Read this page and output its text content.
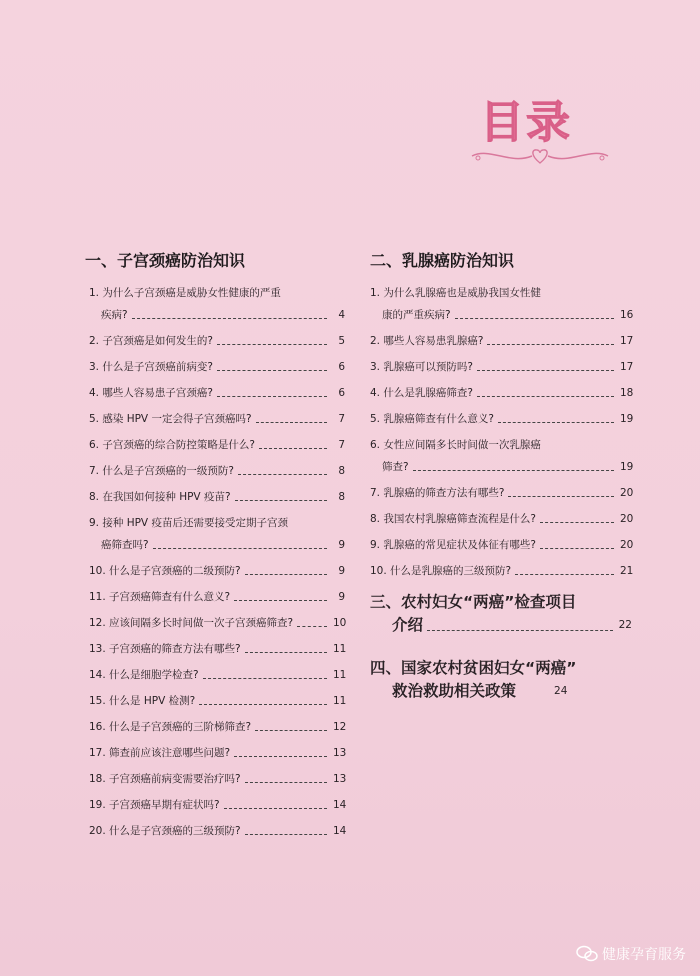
目录
一、子宫颈癌防治知识
1. 为什么子宫颈癌是威胁女性健康的严重
疾病?	4
2. 子宫颈癌是如何发生的?	5
3. 什么是子宫颈癌前病变?	6
4. 哪些人容易患子宫颈癌?	6
5. 感染 HPV 一定会得子宫颈癌吗?	7
6. 子宫颈癌的综合防控策略是什么?	7
7. 什么是子宫颈癌的一级预防?	8
8. 在我国如何接种 HPV 疫苗?	8
9. 接种 HPV 疫苗后还需要接受定期子宫颈
癌筛查吗?	9
10. 什么是子宫颈癌的二级预防?	9
11. 子宫颈癌筛查有什么意义?	9
12. 应该间隔多长时间做一次子宫颈癌筛查?	10
13. 子宫颈癌的筛查方法有哪些?	11
14. 什么是细胞学检查?	11
15. 什么是 HPV 检测?	11
16. 什么是子宫颈癌的三阶梯筛查?	12
17. 筛查前应该注意哪些问题?	13
18. 子宫颈癌前病变需要治疗吗?	13
19. 子宫颈癌早期有症状吗?	14
20. 什么是子宫颈癌的三级预防?	14
二、乳腺癌防治知识
1. 为什么乳腺癌也是威胁我国女性健
康的严重疾病?	16
2. 哪些人容易患乳腺癌?	17
3. 乳腺癌可以预防吗?	17
4. 什么是乳腺癌筛查?	18
5. 乳腺癌筛查有什么意义?	19
6. 女性应间隔多长时间做一次乳腺癌
筛查?	19
7. 乳腺癌的筛查方法有哪些?	20
8. 我国农村乳腺癌筛查流程是什么?	20
9. 乳腺癌的常见症状及体征有哪些?	20
10. 什么是乳腺癌的三级预防?	21
三、农村妇女“两癌”检查项目
介绍	22
四、国家农村贫困妇女“两癌”
救治救助相关政策	24
健康孕育服务
